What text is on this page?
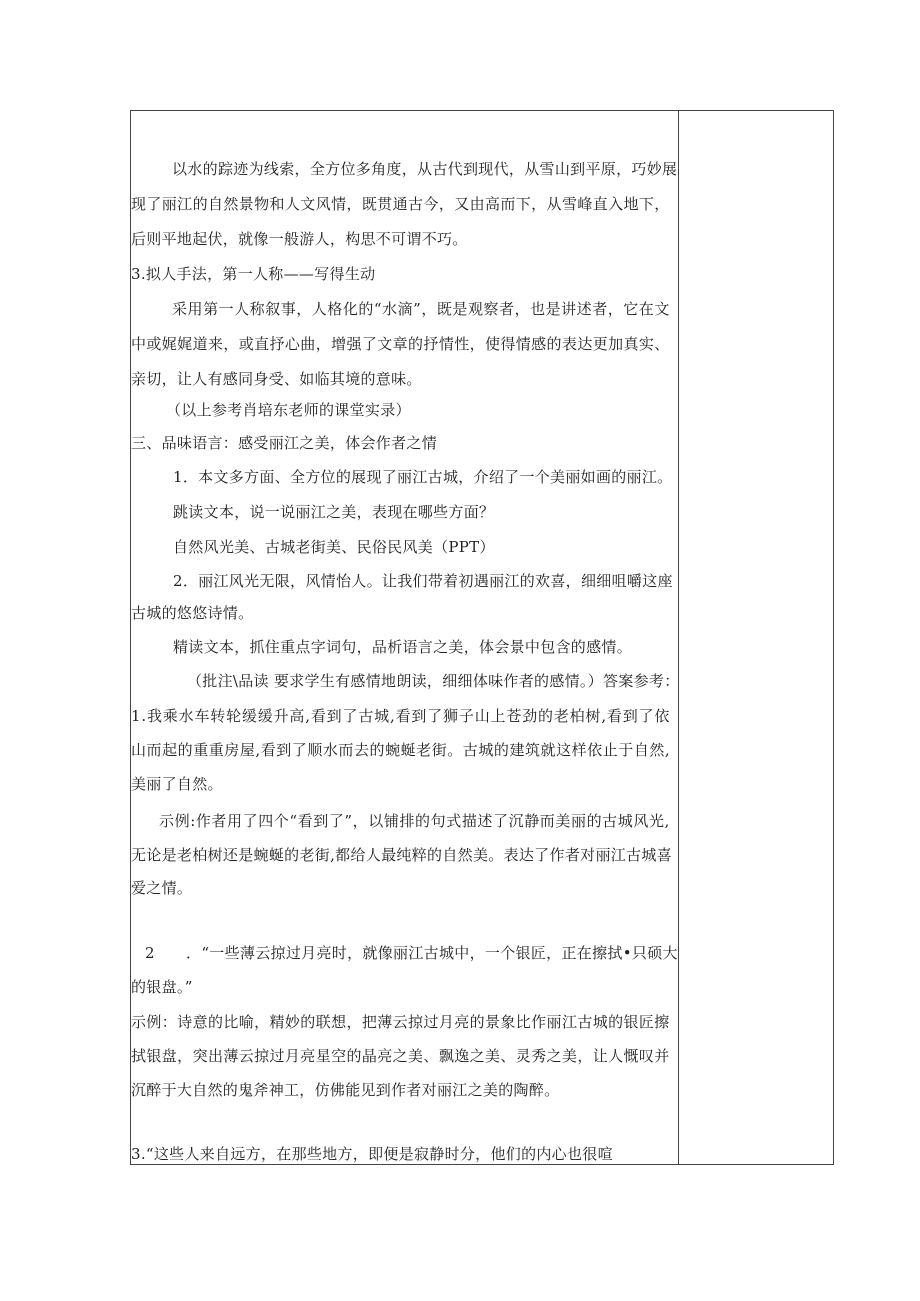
以 水 的 踪 迹 为 线 索 ， 全 方 位 多 角 度 ， 从 古 代 到 现 代 ， 从 雪 山 到 平 原 ， 巧 妙 展
现 了 丽 江 的 自 然 景 物 和 人 文 风 情 ， 既 贯 通 古 今 ， 又 由 高 而 下 ， 从 雪 峰 直 入 地 下 ，
后则平地起伏，就像一般游人，构思不可谓不巧。
3.拟人手法，第一人称——写得生动
采 用 第 一 人 称 叙 事 ， 人 格 化 的 “ 水 滴 ” ， 既 是 观 察 者 ， 也 是 讲 述 者 ， 它 在 文
中 或 娓 娓 道 来 ， 或 直 抒 心 曲 ， 增 强 了 文 章 的 抒 情 性 ， 使 得 情 感 的 表 达 更 加 真 实 、
亲切，让人有感同身受、如临其境的意味。
（以上参考肖培东老师的课堂实录）
三、品味语言：感受丽江之美，体会作者之情
1．本文多方面、全方位的展现了丽江古城，介绍了一个美丽如画的丽江。
跳读文本，说一说丽江之美，表现在哪些方面？
自然风光美、古城老街美、民俗民风美（PPT）
2 ． 丽 江 风 光 无 限 ， 风 情 怡 人 。 让 我 们 带 着 初 遇 丽 江 的 欢 喜 ， 细 细 咀 嚼 这 座
古城的悠悠诗情。
精读文本，抓住重点字词句，品析语言之美，体会景中包含的感情。
（批注\品读 要求学生有感情地朗读，细细体味作者的感情。）答案参考：
1 . 我 乘 水 车 转 轮 缓 缓 升 高 , 看 到 了 古 城 , 看 到 了 狮 子 山 上 苍 劲 的 老 柏 树 , 看 到 了 依
山 而 起 的 重 重 房 屋 , 看 到 了 顺 水 而 去 的 蜿 蜒 老 街 。 古 城 的 建 筑 就 这 样 依 止 于 自 然 ,
美丽了自然。
示 例 : 作 者 用 了 四 个 “ 看 到 了 ” ， 以 铺 排 的 句 式 描 述 了 沉 静 而 美 丽 的 古 城 风 光 ,
无 论 是 老 柏 树 还 是 蜿 蜒 的 老 街 , 都 给 人 最 纯 粹 的 自 然 美 。 表 达 了 作 者 对 丽 江 古 城 喜
爱之情。
2 ． “ 一 些 薄 云 掠 过 月 亮 时 ， 就 像 丽 江 古 城 中 ， 一 个 银 匠 ， 正 在 擦 拭 • 只 硕 大
的银盘。”
示 例 ： 诗 意 的 比 喻 ， 精 妙 的 联 想 ， 把 薄 云 掠 过 月 亮 的 景 象 比 作 丽 江 古 城 的 银 匠 擦
拭 银 盘 ， 突 出 薄 云 掠 过 月 亮 星 空 的 晶 亮 之 美 、 飘 逸 之 美 、 灵 秀 之 美 ， 让 人 慨 叹 并
沉醉于大自然的鬼斧神工，仿佛能见到作者对丽江之美的陶醉。
3.“这些人来自远方，在那些地方，即便是寂静时分，他们的内心也很喧
